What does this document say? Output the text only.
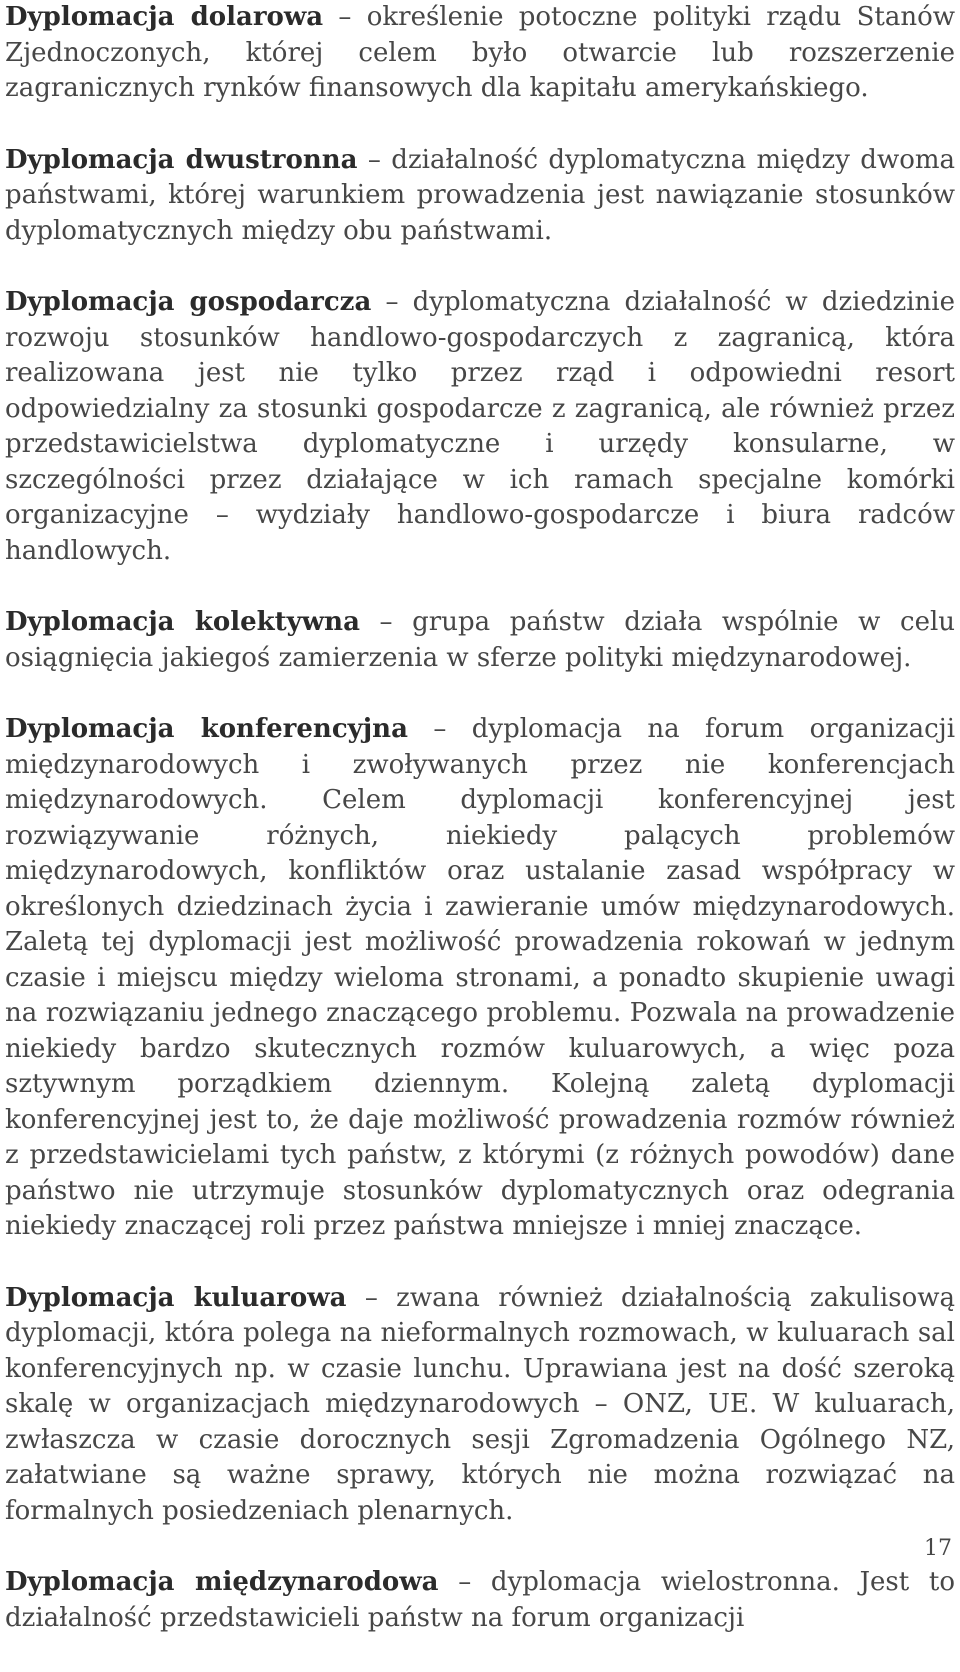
Dyplomacja dolarowa – określenie potoczne polityki rządu Stanów Zjednoczonych, której celem było otwarcie lub rozszerzenie zagranicznych rynków finansowych dla kapitału amerykańskiego.

Dyplomacja dwustronna – działalność dyplomatyczna między dwoma państwami, której warunkiem prowadzenia jest nawiązanie stosunków dyplomatycznych między obu państwami.

Dyplomacja gospodarcza – dyplomatyczna działalność w dziedzinie rozwoju stosunków handlowo-gospodarczych z zagranicą, która realizowana jest nie tylko przez rząd i odpowiedni resort odpowiedzialny za stosunki gospodarcze z zagranicą, ale również przez przedstawicielstwa dyplomatyczne i urzędy konsularne, w szczególności przez działające w ich ramach specjalne komórki organizacyjne – wydziały handlowo-gospodarcze i biura radców handlowych.

Dyplomacja kolektywna – grupa państw działa wspólnie w celu osiągnięcia jakiegoś zamierzenia w sferze polityki międzynarodowej.

Dyplomacja konferencyjna – dyplomacja na forum organizacji międzynarodowych i zwoływanych przez nie konferencjach międzynarodowych. Celem dyplomacji konferencyjnej jest rozwiązywanie różnych, niekiedy palących problemów międzynarodowych, konfliktów oraz ustalanie zasad współpracy w określonych dziedzinach życia i zawieranie umów międzynarodowych. Zaletą tej dyplomacji jest możliwość prowadzenia rokowań w jednym czasie i miejscu między wieloma stronami, a ponadto skupienie uwagi na rozwiązaniu jednego znaczącego problemu. Pozwala na prowadzenie niekiedy bardzo skutecznych rozmów kuluarowych, a więc poza sztywnym porządkiem dziennym. Kolejną zaletą dyplomacji konferencyjnej jest to, że daje możliwość prowadzenia rozmów również z przedstawicielami tych państw, z którymi (z różnych powodów) dane państwo nie utrzymuje stosunków dyplomatycznych oraz odegrania niekiedy znaczącej roli przez państwa mniejsze i mniej znaczące.

Dyplomacja kuluarowa – zwana również działalnością zakulisową dyplomacji, która polega na nieformalnych rozmowach, w kuluarach sal konferencyjnych np. w czasie lunchu. Uprawiana jest na dość szeroką skalę w organizacjach międzynarodowych – ONZ, UE. W kuluarach, zwłaszcza w czasie dorocznych sesji Zgromadzenia Ogólnego NZ, załatwiane są ważne sprawy, których nie można rozwiązać na formalnych posiedzeniach plenarnych.

Dyplomacja międzynarodowa – dyplomacja wielostronna. Jest to działalność przedstawicieli państw na forum organizacji

17
